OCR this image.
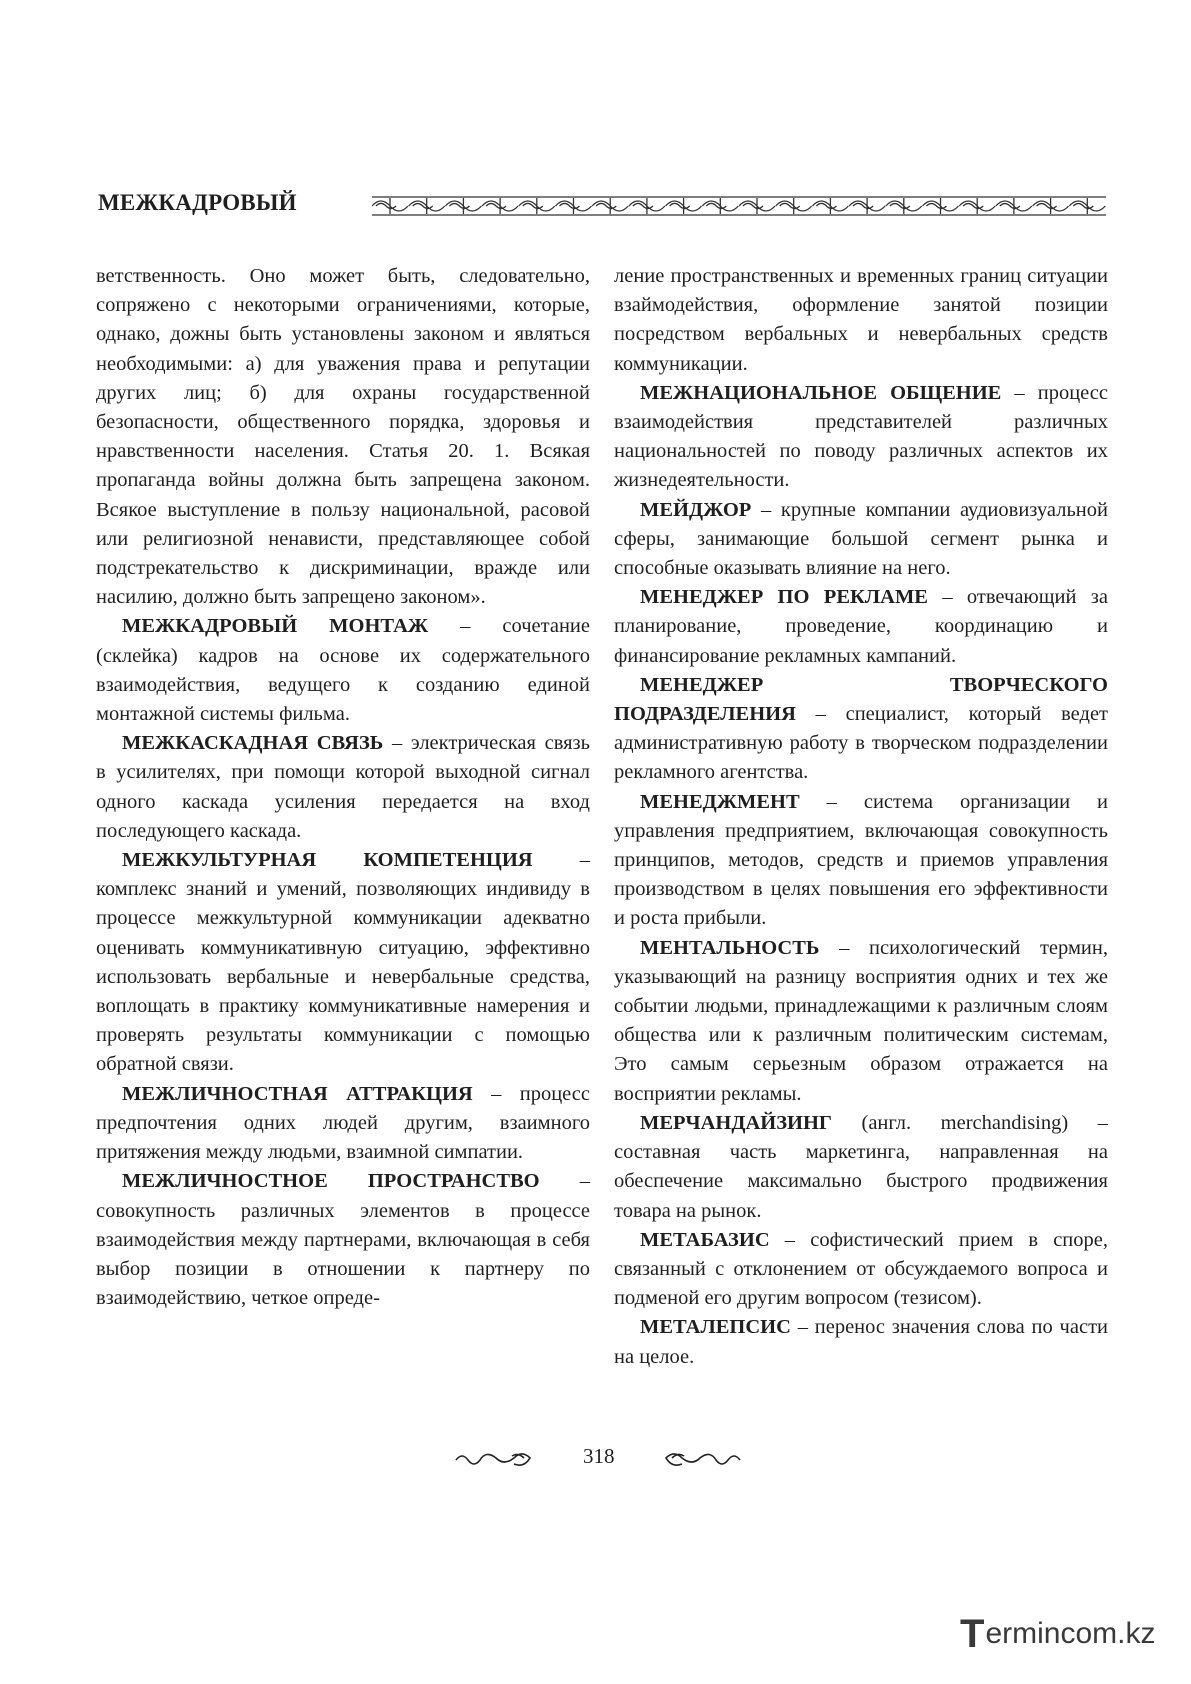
МЕЖКАДРОВЫЙ

ветственность. Оно может быть, следовательно, сопряжено с некоторыми ограничениями, которые, однако, дожны быть установлены законом и являться необходимыми: а) для уважения права и репутации других лиц; б) для охраны государственной безопасности, общественного порядка, здоровья и нравственности населения. Статья 20. 1. Всякая пропаганда войны должна быть запрещена законом. Всякое выступление в пользу национальной, расовой или религиозной ненависти, представляющее собой подстрекательство к дискриминации, вражде или насилию, должно быть запрещено законом».

МЕЖКАДРОВЫЙ МОНТАЖ – сочетание (склейка) кадров на основе их содержательного взаимодействия, ведущего к созданию единой монтажной системы фильма.

МЕЖКАСКАДНАЯ СВЯЗЬ – электрическая связь в усилителях, при помощи которой выходной сигнал одного каскада усиления передается на вход последующего каскада.

МЕЖКУЛЬТУРНАЯ КОМПЕТЕНЦИЯ – комплекс знаний и умений, позволяющих индивиду в процессе межкультурной коммуникации адекватно оценивать коммуникативную ситуацию, эффективно использовать вербальные и невербальные средства, воплощать в практику коммуникативные намерения и проверять результаты коммуникации с помощью обратной связи.

МЕЖЛИЧНОСТНАЯ АТТРАКЦИЯ – процесс предпочтения одних людей другим, взаимного притяжения между людьми, взаимной симпатии.

МЕЖЛИЧНОСТНОЕ ПРОСТРАНСТВО – совокупность различных элементов в процессе взаимодействия между партнерами, включающая в себя выбор позиции в отношении к партнеру по взаимодействию, четкое опреде-

ление пространственных и временных границ ситуации взаймодействия, оформление занятой позиции посредством вербальных и невербальных средств коммуникации.

МЕЖНАЦИОНАЛЬНОЕ ОБЩЕНИЕ – процесс взаимодействия представителей различных национальностей по поводу различных аспектов их жизнедеятельности.

МЕЙДЖОР – крупные компании аудиовизуальной сферы, занимающие большой сегмент рынка и способные оказывать влияние на него.

МЕНЕДЖЕР ПО РЕКЛАМЕ – отвечающий за планирование, проведение, координацию и финансирование рекламных кампаний.

МЕНЕДЖЕР ТВОРЧЕСКОГО ПОДРАЗДЕЛЕНИЯ – специалист, который ведет административную работу в творческом подразделении рекламного агентства.

МЕНЕДЖМЕНТ – система организации и управления предприятием, включающая совокупность принципов, методов, средств и приемов управления производством в целях повышения его эффективности и роста прибыли.

МЕНТАЛЬНОСТЬ – психологический термин, указывающий на разницу восприятия одних и тех же событии людьми, принадлежащими к различным слоям общества или к различным политическим системам, Это самым серьезным образом отражается на восприятии рекламы.

МЕРЧАНДАЙЗИНГ (англ. merchandising) – составная часть маркетинга, направленная на обеспечение максимально быстрого продвижения товара на рынок.

МЕТАБАЗИС – софистический прием в споре, связанный с отклонением от обсуждаемого вопроса и подменой его другим вопросом (тезисом).

МЕТАЛЕПСИС – перенос значения слова по части на целое.

318
T ermincom.kz
